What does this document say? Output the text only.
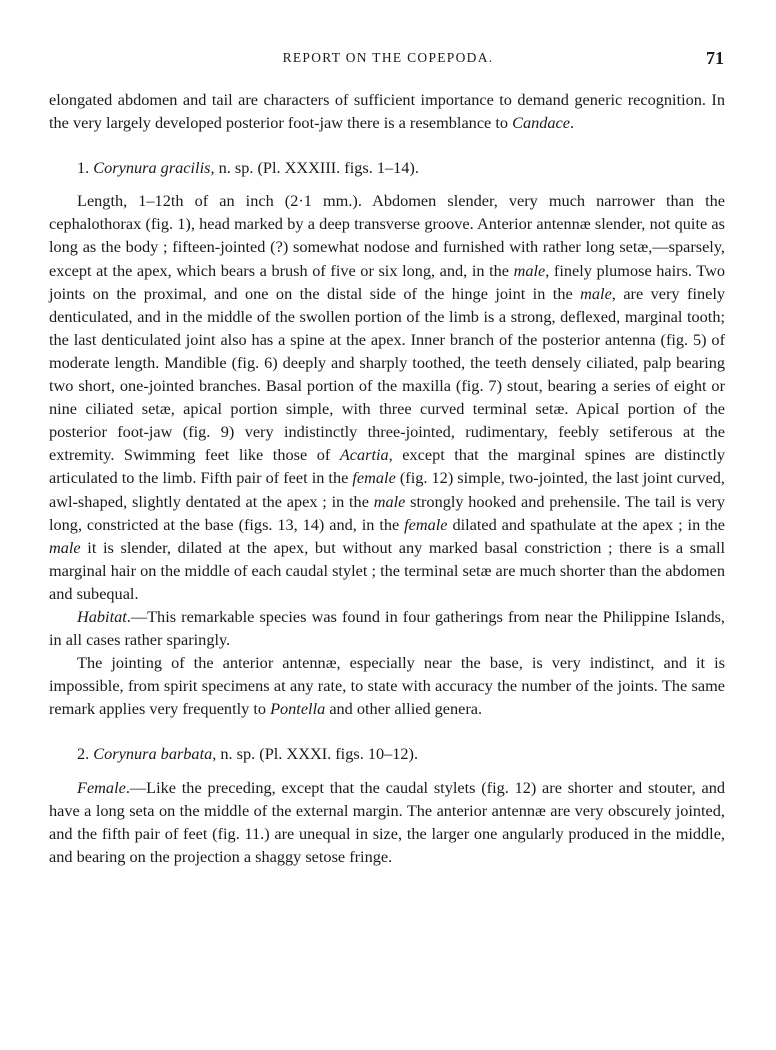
REPORT ON THE COPEPODA.	71

elongated abdomen and tail are characters of sufficient importance to demand generic recognition. In the very largely developed posterior foot-jaw there is a resemblance to Candace.

1. Corynura gracilis, n. sp. (Pl. XXXIII. figs. 1–14).

Length, 1–12th of an inch (2·1 mm.). Abdomen slender, very much narrower than the cephalothorax (fig. 1), head marked by a deep transverse groove. Anterior antennæ slender, not quite as long as the body ; fifteen-jointed (?) somewhat nodose and furnished with rather long setæ,—sparsely, except at the apex, which bears a brush of five or six long, and, in the male, finely plumose hairs. Two joints on the proximal, and one on the distal side of the hinge joint in the male, are very finely denticulated, and in the middle of the swollen portion of the limb is a strong, deflexed, marginal tooth; the last denticulated joint also has a spine at the apex. Inner branch of the posterior antenna (fig. 5) of moderate length. Mandible (fig. 6) deeply and sharply toothed, the teeth densely ciliated, palp bearing two short, one-jointed branches. Basal portion of the maxilla (fig. 7) stout, bearing a series of eight or nine ciliated setæ, apical portion simple, with three curved terminal setæ. Apical portion of the posterior foot-jaw (fig. 9) very indistinctly three-jointed, rudimentary, feebly setiferous at the extremity. Swimming feet like those of Acartia, except that the marginal spines are distinctly articulated to the limb. Fifth pair of feet in the female (fig. 12) simple, two-jointed, the last joint curved, awl-shaped, slightly dentated at the apex ; in the male strongly hooked and prehensile. The tail is very long, constricted at the base (figs. 13, 14) and, in the female dilated and spathulate at the apex ; in the male it is slender, dilated at the apex, but without any marked basal constriction ; there is a small marginal hair on the middle of each caudal stylet ; the terminal setæ are much shorter than the abdomen and subequal.

Habitat.—This remarkable species was found in four gatherings from near the Philippine Islands, in all cases rather sparingly.

The jointing of the anterior antennæ, especially near the base, is very indistinct, and it is impossible, from spirit specimens at any rate, to state with accuracy the number of the joints. The same remark applies very frequently to Pontella and other allied genera.

2. Corynura barbata, n. sp. (Pl. XXXI. figs. 10–12).

Female.—Like the preceding, except that the caudal stylets (fig. 12) are shorter and stouter, and have a long seta on the middle of the external margin. The anterior antennæ are very obscurely jointed, and the fifth pair of feet (fig. 11.) are unequal in size, the larger one angularly produced in the middle, and bearing on the projection a shaggy setose fringe.
